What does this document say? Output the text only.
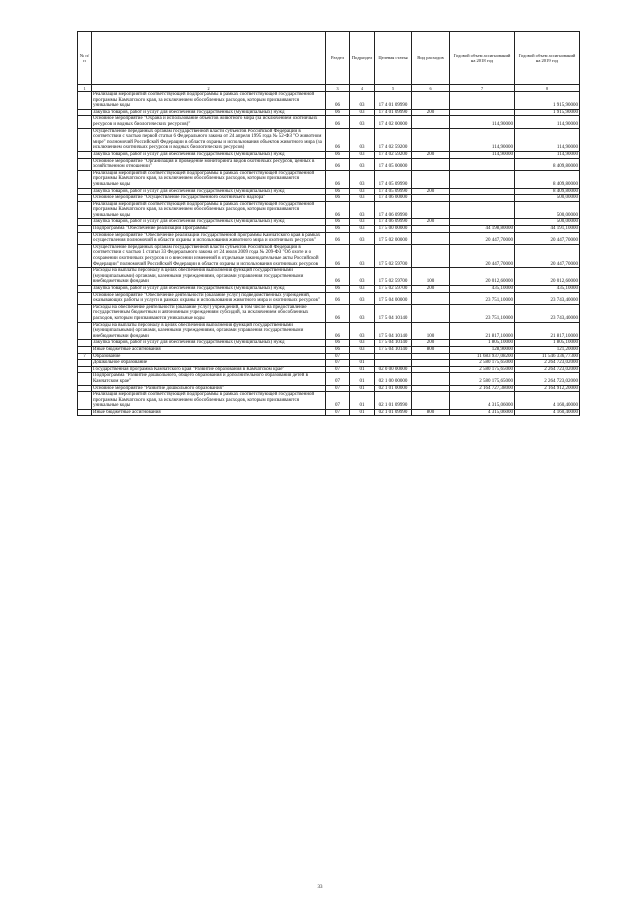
№ п/п		Раздел	Подраздел	Целевая статья	Вид расходов	Годовой объем ассигнований на 2018 год	Годовой объем ассигнований на 2019 год
1	2	3	4	5	6	7	8
	Реализация мероприятий соответствующей подпрограммы в рамках соответствующей государственной программы Камчатского края, за исключением обособленных расходов, которым присваиваются уникальные коды	06	03	17 4 01 09990			1 915,90000
	Закупка товаров, работ и услуг для обеспечения государственных (муниципальных) нужд	06	03	17 4 01 09990	200		1 915,90000
	Основное мероприятие "Охрана и использование объектов животного мира (за исключением охотничьих ресурсов и водных биологических ресурсов)"	06	03	17 4 02 00000		114,90000	114,90000
	Осуществление переданных органам государственной власти субъектов Российской Федерации в соответствии с частью первой статьи 6 Федерального закона от 24 апреля 1995 года № 52-ФЗ "О животном мире" полномочий Российской Федерации в области охраны и использования объектов животного мира (за исключением охотничьих ресурсов и водных биологических ресурсов)	06	03	17 4 02 59200		114,90000	114,90000
	Закупка товаров, работ и услуг для обеспечения государственных (муниципальных) нужд	06	03	17 4 02 59200	200	114,90000	114,90000
	Основное мероприятие "Организация и проведение мониторинга видов охотничьих ресурсов, ценных в хозяйственном отношении"	06	03	17 4 05 00000			8 409,80000
	Реализация мероприятий соответствующей подпрограммы в рамках соответствующей государственной программы Камчатского края, за исключением обособленных расходов, которым присваиваются уникальные коды	06	03	17 4 05 09990			8 409,80000
	Закупка товаров, работ и услуг для обеспечения государственных (муниципальных) нужд	06	03	17 4 05 09990	200		8 409,80000
	Основное мероприятие "Осуществление государственного охотничьего надзора"	06	03	17 4 06 00000			500,00000
	Реализация мероприятий соответствующей подпрограммы в рамках соответствующей государственной программы Камчатского края, за исключением обособленных расходов, которым присваиваются уникальные коды	06	03	17 4 06 09990			500,00000
	Закупка товаров, работ и услуг для обеспечения государственных (муниципальных) нужд	06	03	17 4 06 09990	200		500,00000
	Подпрограмма "Обеспечение реализации Программы"	06	03	17 5 00 00000		44 198,80000	44 191,10000
	Основное мероприятие "Обеспечение реализации государственной программы Камчатского края в рамках осуществления полномочий в области охраны и использования животного мира и охотничьих ресурсов"	06	03	17 5 02 00000		20 447,70000	20 447,70000
	Осуществление переданных органам государственной власти субъектов Российской Федерации в соответствии с частью 1 статьи 33 Федерального закона от 24 июля 2009 года № 209-ФЗ "Об охоте и о сохранении охотничьих ресурсов и о внесении изменений в отдельные законодательные акты Российской Федерации" полномочий Российской Федерации в области охраны и использования охотничьих ресурсов	06	03	17 5 02 59700		20 447,70000	20 447,70000
	Расходы на выплаты персоналу в целях обеспечения выполнения функций государственными (муниципальными) органами, казенными учреждениями, органами управления государственными внебюджетными фондами	06	03	17 5 02 59700	100	20 012,60000	20 012,60000
	Закупка товаров, работ и услуг для обеспечения государственных (муниципальных) нужд	06	03	17 5 02 59700	200	435,10000	435,10000
	Основное мероприятие "Обеспечение деятельности (оказание услуг) подведомственных учреждений, оказывающих работы и услуги в рамках охраны и использования животного мира и охотничьих ресурсов"	06	03	17 5 04 00000		23 751,10000	23 743,40000
	Расходы на обеспечение деятельности (оказание услуг) учреждений, в том числе на предоставление государственным бюджетным и автономным учреждениям субсидий, за исключением обособленных расходов, которым присваиваются уникальные коды	06	03	17 5 04 10140		23 751,10000	23 743,40000
	Расходы на выплаты персоналу в целях обеспечения выполнения функций государственными (муниципальными) органами, казенными учреждениями, органами управления государственными внебюджетными фондами	06	03	17 5 04 10140	100	21 817,10000	21 817,10000
	Закупка товаров, работ и услуг для обеспечения государственных (муниципальных) нужд	06	03	17 5 04 10140	200	1 805,10000	1 805,10000
	Иные бюджетные ассигнования	06	03	17 5 04 10140	800	128,90000	121,20000
7	Образование	07				11 683 937,08200	11 546 336,77300
	Дошкольное образование	07	01			2 580 175,65000	2 264 723,02000
	Государственная программа Камчатского края "Развитие образования в Камчатском крае"	07	01	02 0 00 00000		2 580 175,65000	2 264 723,02000
	Подпрограмма "Развитие дошкольного, общего образования и дополнительного образования детей в Камчатском крае"	07	01	02 1 00 00000		2 580 175,65000	2 264 723,02000
	Основное мероприятие "Развитие дошкольного образования"	07	01	02 1 01 00000		2 164 727,38000	2 164 912,20000
	Реализация мероприятий соответствующей подпрограммы в рамках соответствующей государственной программы Камчатского края, за исключением обособленных расходов, которым присваиваются уникальные коды	07	01	02 1 01 09990		4 315,06000	4 160,40000
	Иные бюджетные ассигнования	07	01	02 1 01 09990	800	4 315,06000	4 160,40000
33
